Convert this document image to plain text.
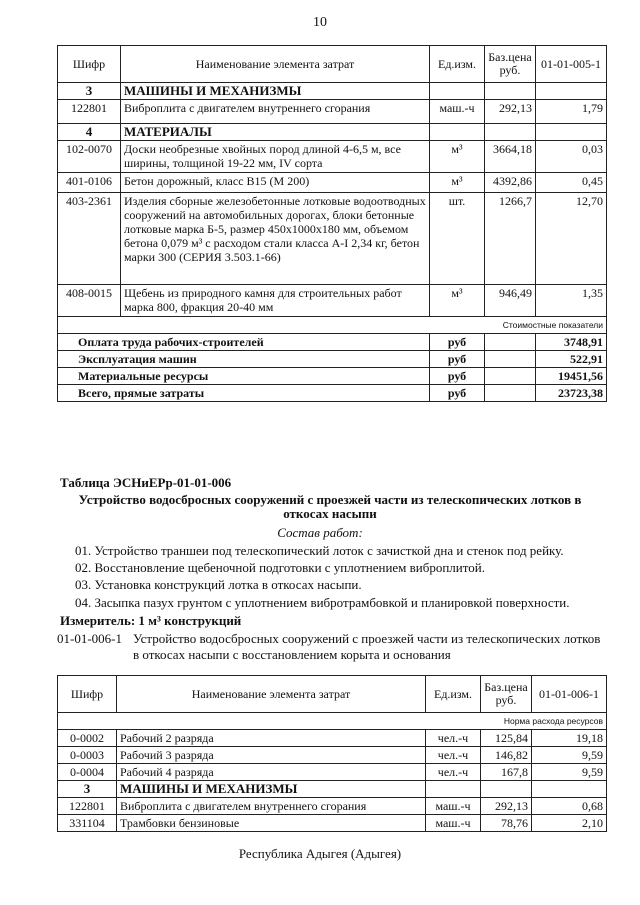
10
Шифр	Наименование элемента затрат	Ед.изм.	Баз.цена руб.	01-01-005-1
3	МАШИНЫ И МЕХАНИЗМЫ			
122801	Виброплита с двигателем внутреннего сгорания	маш.-ч	292,13	1,79
4	МАТЕРИАЛЫ			
102-0070	Доски необрезные хвойных пород длиной 4-6,5 м, все ширины, толщиной 19-22 мм, IV сорта	м³	3664,18	0,03
401-0106	Бетон дорожный, класс В15 (М 200)	м³	4392,86	0,45
403-2361	Изделия сборные железобетонные лотковые водоотводных сооружений на автомобильных дорогах, блоки бетонные лотковые марка Б-5, размер 450х1000х180 мм, объемом бетона 0,079 м³ с расходом стали класса А-I 2,34 кг, бетон марки 300 (СЕРИЯ 3.503.1-66)	шт.	1266,7	12,70
408-0015	Щебень из природного камня для строительных работ марка 800, фракция 20-40 мм	м³	946,49	1,35
Стоимостные показатели				
Оплата труда рабочих-строителей		руб		3748,91
Эксплуатация машин		руб		522,91
Материальные ресурсы		руб		19451,56
Всего, прямые затраты		руб		23723,38
Таблица ЭСНиЕРр-01-01-006
Устройство водосбросных сооружений с проезжей части из телескопических лотков в откосах насыпи
Состав работ:
01. Устройство траншеи под телескопический лоток с зачисткой дна и стенок под рейку.
02. Восстановление щебеночной подготовки с уплотнением виброплитой.
03. Установка конструкций лотка в откосах насыпи.
04. Засыпка пазух грунтом с уплотнением вибротрамбовкой и планировкой поверхности.
Измеритель: 1 м³ конструкций
01-01-006-1 Устройство водосбросных сооружений с проезжей части из телескопических лотков в откосах насыпи с восстановлением корыта и основания
Шифр	Наименование элемента затрат	Ед.изм.	Баз.цена руб.	01-01-006-1
Норма расхода ресурсов				
0-0002	Рабочий 2 разряда	чел.-ч	125,84	19,18
0-0003	Рабочий 3 разряда	чел.-ч	146,82	9,59
0-0004	Рабочий 4 разряда	чел.-ч	167,8	9,59
3	МАШИНЫ И МЕХАНИЗМЫ			
122801	Виброплита с двигателем внутреннего сгорания	маш.-ч	292,13	0,68
331104	Трамбовки бензиновые	маш.-ч	78,76	2,10
Республика Адыгея (Адыгея)
